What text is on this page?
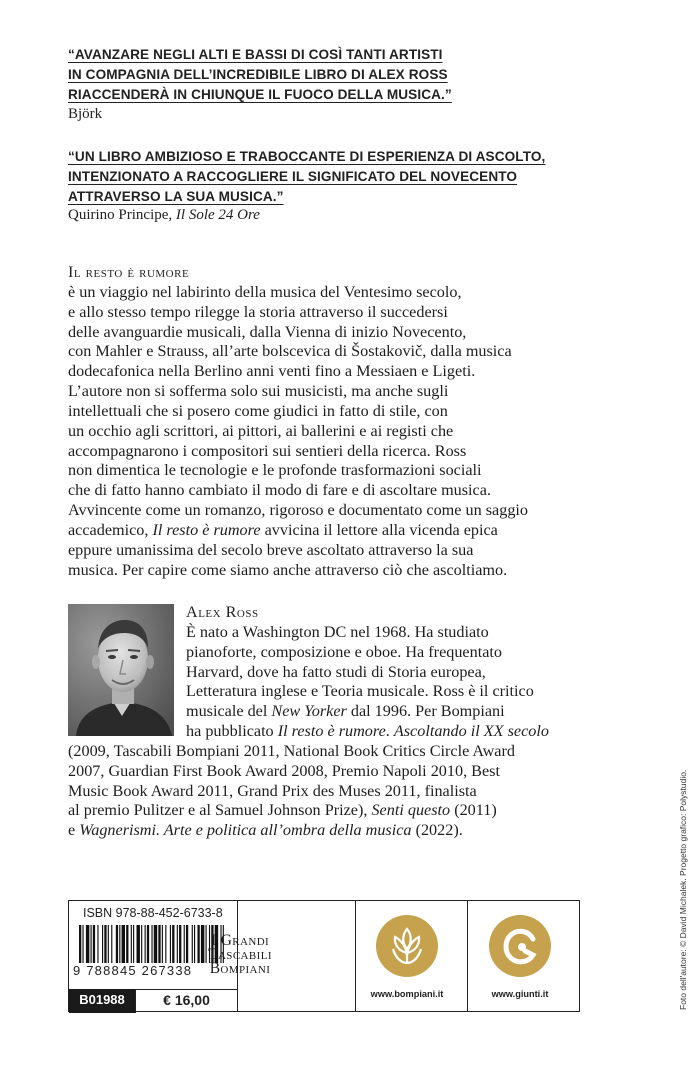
“AVANZARE NEGLI ALTI E BASSI DI COSÌ TANTI ARTISTI
IN COMPAGNIA DELL’INCREDIBILE LIBRO DI ALEX ROSS
RIACCENDERÀ IN CHIUNQUE IL FUOCO DELLA MUSICA.”
Björk
“UN LIBRO AMBIZIOSO E TRABOCCANTE DI ESPERIENZA DI ASCOLTO,
INTENZIONATO A RACCOGLIERE IL SIGNIFICATO DEL NOVECENTO
ATTRAVERSO LA SUA MUSICA.”
Quirino Principe, Il Sole 24 Ore
Il resto è rumore
è un viaggio nel labirinto della musica del Ventesimo secolo,
e allo stesso tempo rilegge la storia attraverso il succedersi
delle avanguardie musicali, dalla Vienna di inizio Novecento,
con Mahler e Strauss, all’arte bolscevica di Šostakovič, dalla musica
dodecafonica nella Berlino anni venti fino a Messiaen e Ligeti.
L’autore non si sofferma solo sui musicisti, ma anche sugli
intellettuali che si posero come giudici in fatto di stile, con
un occhio agli scrittori, ai pittori, ai ballerini e ai registi che
accompagnarono i compositori sui sentieri della ricerca. Ross
non dimentica le tecnologie e le profonde trasformazioni sociali
che di fatto hanno cambiato il modo di fare e di ascoltare musica.
Avvincente come un romanzo, rigoroso e documentato come un saggio
accademico, Il resto è rumore avvicina il lettore alla vicenda epica
eppure umanissima del secolo breve ascoltato attraverso la sua
musica. Per capire come siamo anche attraverso ciò che ascoltiamo.
Alex Ross
È nato a Washington DC nel 1968. Ha studiato
pianoforte, composizione e oboe. Ha frequentato
Harvard, dove ha fatto studi di Storia europea,
Letteratura inglese e Teoria musicale. Ross è il critico
musicale del New Yorker dal 1996. Per Bompiani
ha pubblicato Il resto è rumore. Ascoltando il XX secolo
(2009, Tascabili Bompiani 2011, National Book Critics Circle Award
2007, Guardian First Book Award 2008, Premio Napoli 2010, Best
Music Book Award 2011, Grand Prix des Muses 2011, finalista
al premio Pulitzer e al Samuel Johnson Prize), Senti questo (2011)
e Wagnerismi. Arte e politica all’ombra della musica (2022).
ISBN 978-88-452-6733-8
9 788845 267338
B01988	€ 16,00
I Grandi
Tascabili
Bompiani
www.bompiani.it	www.giunti.it	Foto dell'autore: © David Michalek. Progetto grafico: Polystudio.
